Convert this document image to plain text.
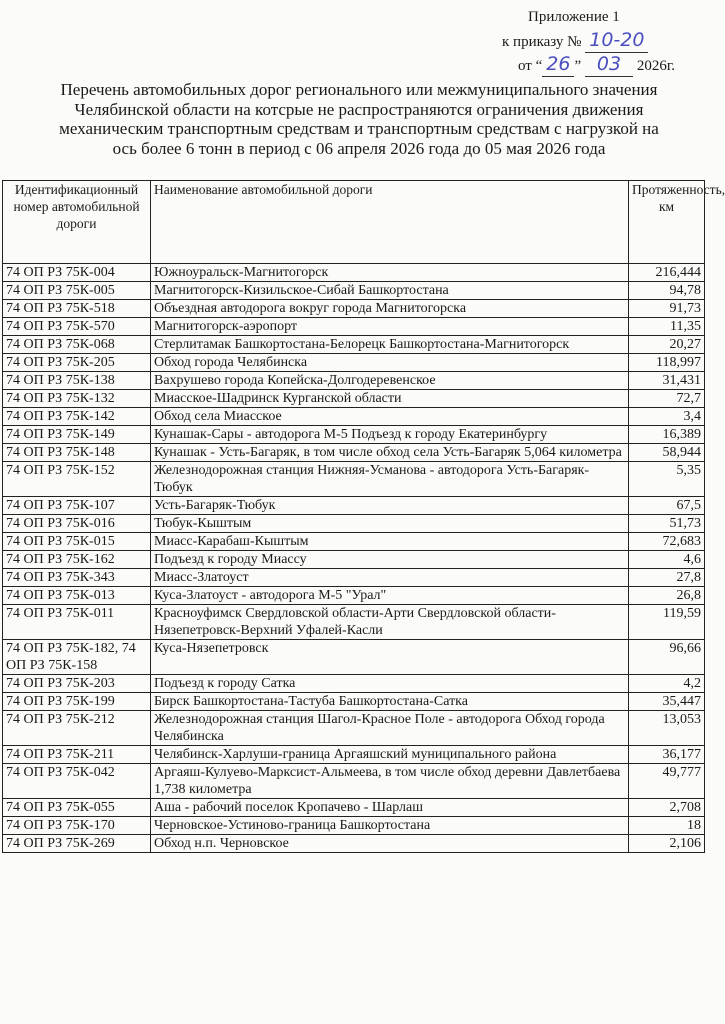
Приложение 1
к приказу № 10-20
от “ 26 ” 03 2026г.
Перечень автомобильных дорог регионального или межмуниципального значения
Челябинской области на котсрые не распространяются ограничения движения
механическим транспортным средствам и транспортным средствам с нагрузкой на
ось более 6 тонн в период с 06 апреля 2026 года до 05 мая 2026 года
Идентификационный номер автомобильной дороги	Наименование автомобильной дороги	Протяженность, км
74 ОП РЗ 75К-004	Южноуральск-Магнитогорск	216,444
74 ОП РЗ 75К-005	Магнитогорск-Кизильское-Сибай Башкортостана	94,78
74 ОП РЗ 75К-518	Объездная автодорога вокруг города Магнитогорска	91,73
74 ОП РЗ 75К-570	Магнитогорск-аэропорт	11,35
74 ОП РЗ 75К-068	Стерлитамак Башкортостана-Белорецк Башкортостана-Магнитогорск	20,27
74 ОП РЗ 75К-205	Обход города Челябинска	118,997
74 ОП РЗ 75К-138	Вахрушево города Копейска-Долгодеревенское	31,431
74 ОП РЗ 75К-132	Миасское-Шадринск Курганской области	72,7
74 ОП РЗ 75К-142	Обход села Миасское	3,4
74 ОП РЗ 75К-149	Кунашак-Сары - автодорога М-5 Подъезд к городу Екатеринбургу	16,389
74 ОП РЗ 75К-148	Кунашак - Усть-Багаряк, в том числе обход села Усть-Багаряк 5,064 километра	58,944
74 ОП РЗ 75К-152	Железнодорожная станция Нижняя-Усманова - автодорога Усть-Багаряк-Тюбук	5,35
74 ОП РЗ 75К-107	Усть-Багаряк-Тюбук	67,5
74 ОП РЗ 75К-016	Тюбук-Кыштым	51,73
74 ОП РЗ 75К-015	Миасс-Карабаш-Кыштым	72,683
74 ОП РЗ 75К-162	Подъезд к городу Миассу	4,6
74 ОП РЗ 75К-343	Миасс-Златоуст	27,8
74 ОП РЗ 75К-013	Куса-Златоуст - автодорога М-5 "Урал"	26,8
74 ОП РЗ 75К-011	Красноуфимск Свердловской области-Арти Свердловской области-Нязепетровск-Верхний Уфалей-Касли	119,59
74 ОП РЗ 75К-182, 74 ОП РЗ 75К-158	Куса-Нязепетровск	96,66
74 ОП РЗ 75К-203	Подъезд к городу Сатка	4,2
74 ОП РЗ 75К-199	Бирск Башкортостана-Тастуба Башкортостана-Сатка	35,447
74 ОП РЗ 75К-212	Железнодорожная станция Шагол-Красное Поле - автодорога Обход города Челябинска	13,053
74 ОП РЗ 75К-211	Челябинск-Харлуши-граница Аргаяшский муниципального района	36,177
74 ОП РЗ 75К-042	Аргаяш-Кулуево-Марксист-Альмеева, в том числе обход деревни Давлетбаева 1,738 километра	49,777
74 ОП РЗ 75К-055	Аша - рабочий поселок Кропачево - Шарлаш	2,708
74 ОП РЗ 75К-170	Черновское-Устиново-граница Башкортостана	18
74 ОП РЗ 75К-269	Обход н.п. Черновское	2,106
